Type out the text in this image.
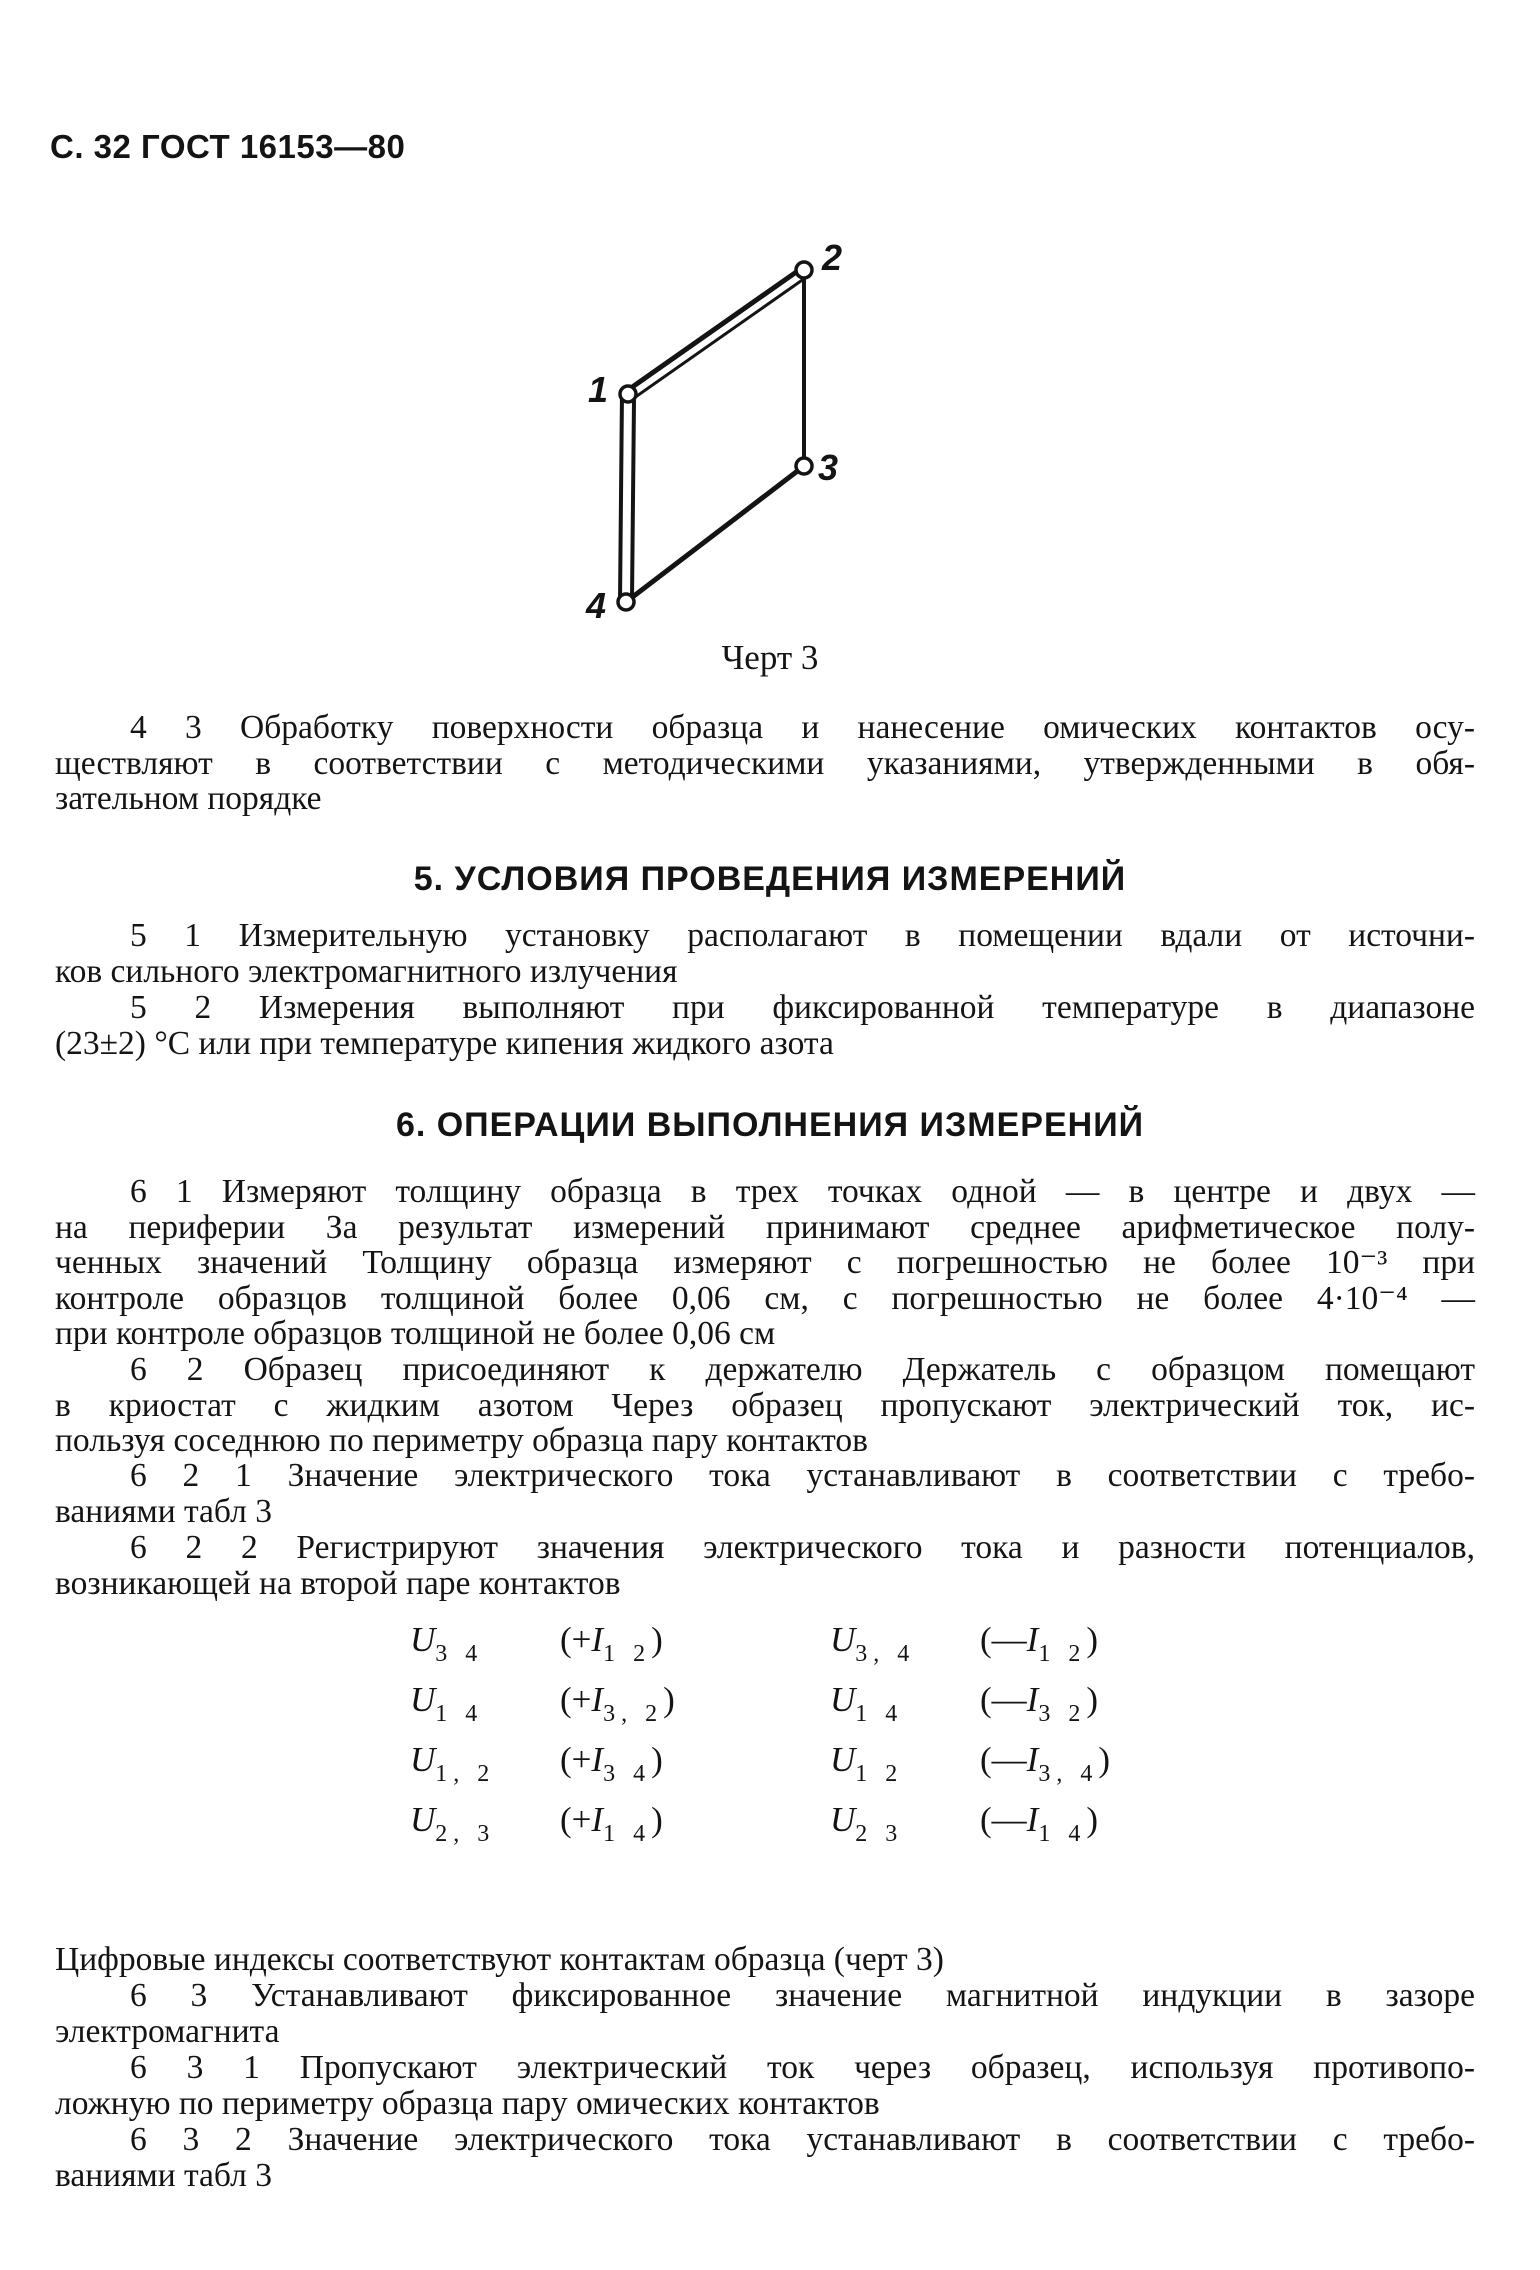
С. 32 ГОСТ 16153—80
1
2
3
4
Черт 3
4 3 Обработку поверхности образца и нанесение омических контактов осу-
ществляют в соответствии с методическими указаниями, утвержденными в обя-
зательном порядке
5. УСЛОВИЯ ПРОВЕДЕНИЯ ИЗМЕРЕНИЙ
5 1 Измерительную установку располагают в помещении вдали от источни-
ков сильного электромагнитного излучения
5 2 Измерения выполняют при фиксированной температуре в диапазоне
(23±2) °С или при температуре кипения жидкого азота
6. ОПЕРАЦИИ ВЫПОЛНЕНИЯ ИЗМЕРЕНИЙ
6 1 Измеряют толщину образца в трех точках одной — в центре и двух —
на периферии За результат измерений принимают среднее арифметическое полу-
ченных значений Толщину образца измеряют с погрешностью не более 10⁻³ при
контроле образцов толщиной более 0,06 см, с погрешностью не более 4·10⁻⁴ —
при контроле образцов толщиной не более 0,06 см
6 2 Образец присоединяют к держателю Держатель с образцом помещают
в криостат с жидким азотом Через образец пропускают электрический ток, ис-
пользуя соседнюю по периметру образца пару контактов
6 2 1 Значение электрического тока устанавливают в соответствии с требо-
ваниями табл 3
6 2 2 Регистрируют значения электрического тока и разности потенциалов,
возникающей на второй паре контактов
$U_{3 4}$ $(+I_{1 2})$	$U_{3, 4}$ $(—I_{1 2})$
$U_{1 4}$ $(+I_{3, 2})$	$U_{1 4}$ $(—I_{3 2})$
$U_{1, 2}$ $(+I_{3 4})$	$U_{1 2}$ $(—I_{3, 4})$
$U_{2, 3}$ $(+I_{1 4})$	$U_{2 3}$ $(—I_{1 4})$
Цифровые индексы соответствуют контактам образца (черт 3)
6 3 Устанавливают фиксированное значение магнитной индукции в зазоре
электромагнита
6 3 1 Пропускают электрический ток через образец, используя противопо-
ложную по периметру образца пару омических контактов
6 3 2 Значение электрического тока устанавливают в соответствии с требо-
ваниями табл 3
